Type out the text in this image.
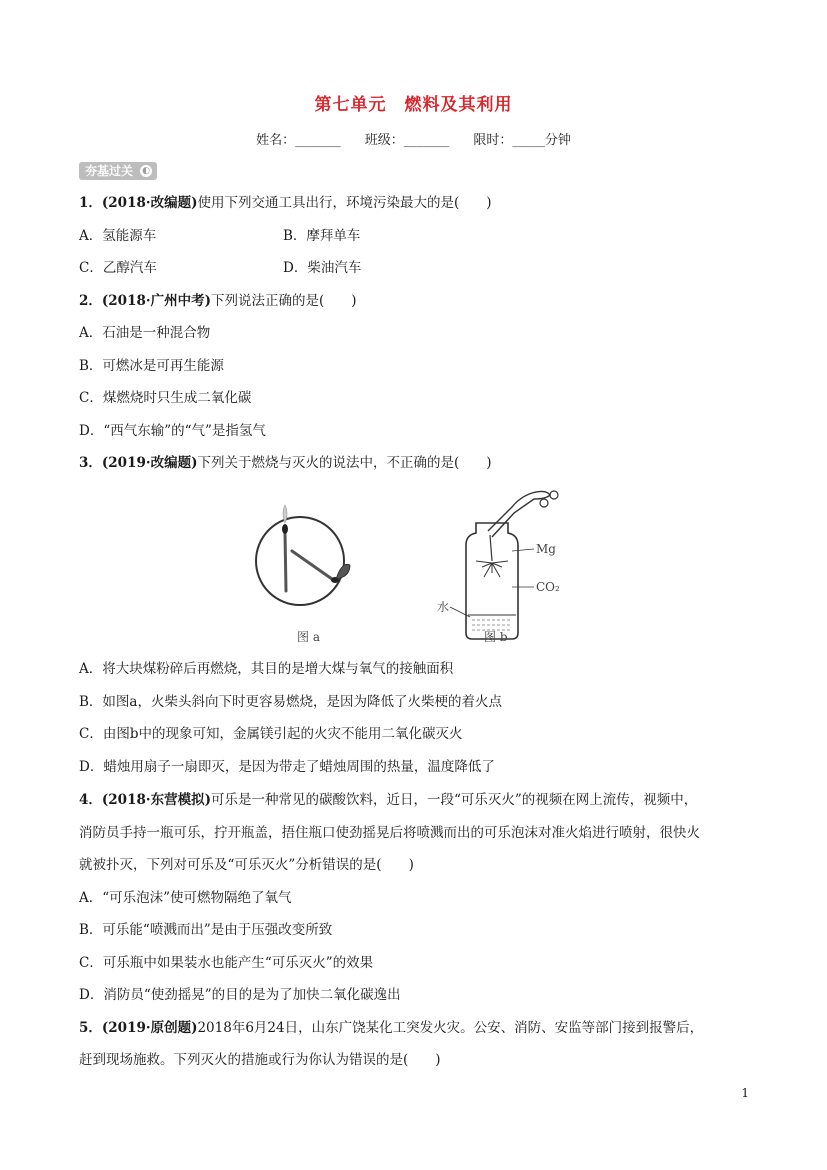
第七单元 燃料及其利用
姓名：_______ 班级：_______ 限时：_____分钟
夯基过关 ◐
1．(2018·改编题)使用下列交通工具出行，环境污染最大的是(　　)
A．氢能源车	B．摩拜单车
C．乙醇汽车	D．柴油汽车
2．(2018·广州中考)下列说法正确的是(　　)
A．石油是一种混合物
B．可燃冰是可再生能源
C．煤燃烧时只生成二氧化碳
D．“西气东输”的“气”是指氢气
3．(2019·改编题)下列关于燃烧与灭火的说法中，不正确的是(　　)
图 a	图 b
Mg
CO₂
水
A．将大块煤粉碎后再燃烧，其目的是增大煤与氧气的接触面积
B．如图a，火柴头斜向下时更容易燃烧，是因为降低了火柴梗的着火点
C．由图b中的现象可知，金属镁引起的火灾不能用二氧化碳灭火
D．蜡烛用扇子一扇即灭，是因为带走了蜡烛周围的热量，温度降低了
4．(2018·东营模拟)可乐是一种常见的碳酸饮料，近日，一段“可乐灭火”的视频在网上流传，视频中，
消防员手持一瓶可乐，拧开瓶盖，捂住瓶口使劲摇晃后将喷溅而出的可乐泡沫对准火焰进行喷射，很快火
就被扑灭，下列对可乐及“可乐灭火”分析错误的是(　　)
A．“可乐泡沫”使可燃物隔绝了氧气
B．可乐能“喷溅而出”是由于压强改变所致
C．可乐瓶中如果装水也能产生“可乐灭火”的效果
D．消防员“使劲摇晃”的目的是为了加快二氧化碳逸出
5．(2019·原创题)2018年6月24日，山东广饶某化工突发火灾。公安、消防、安监等部门接到报警后，
赶到现场施救。下列灭火的措施或行为你认为错误的是(　　)
1
